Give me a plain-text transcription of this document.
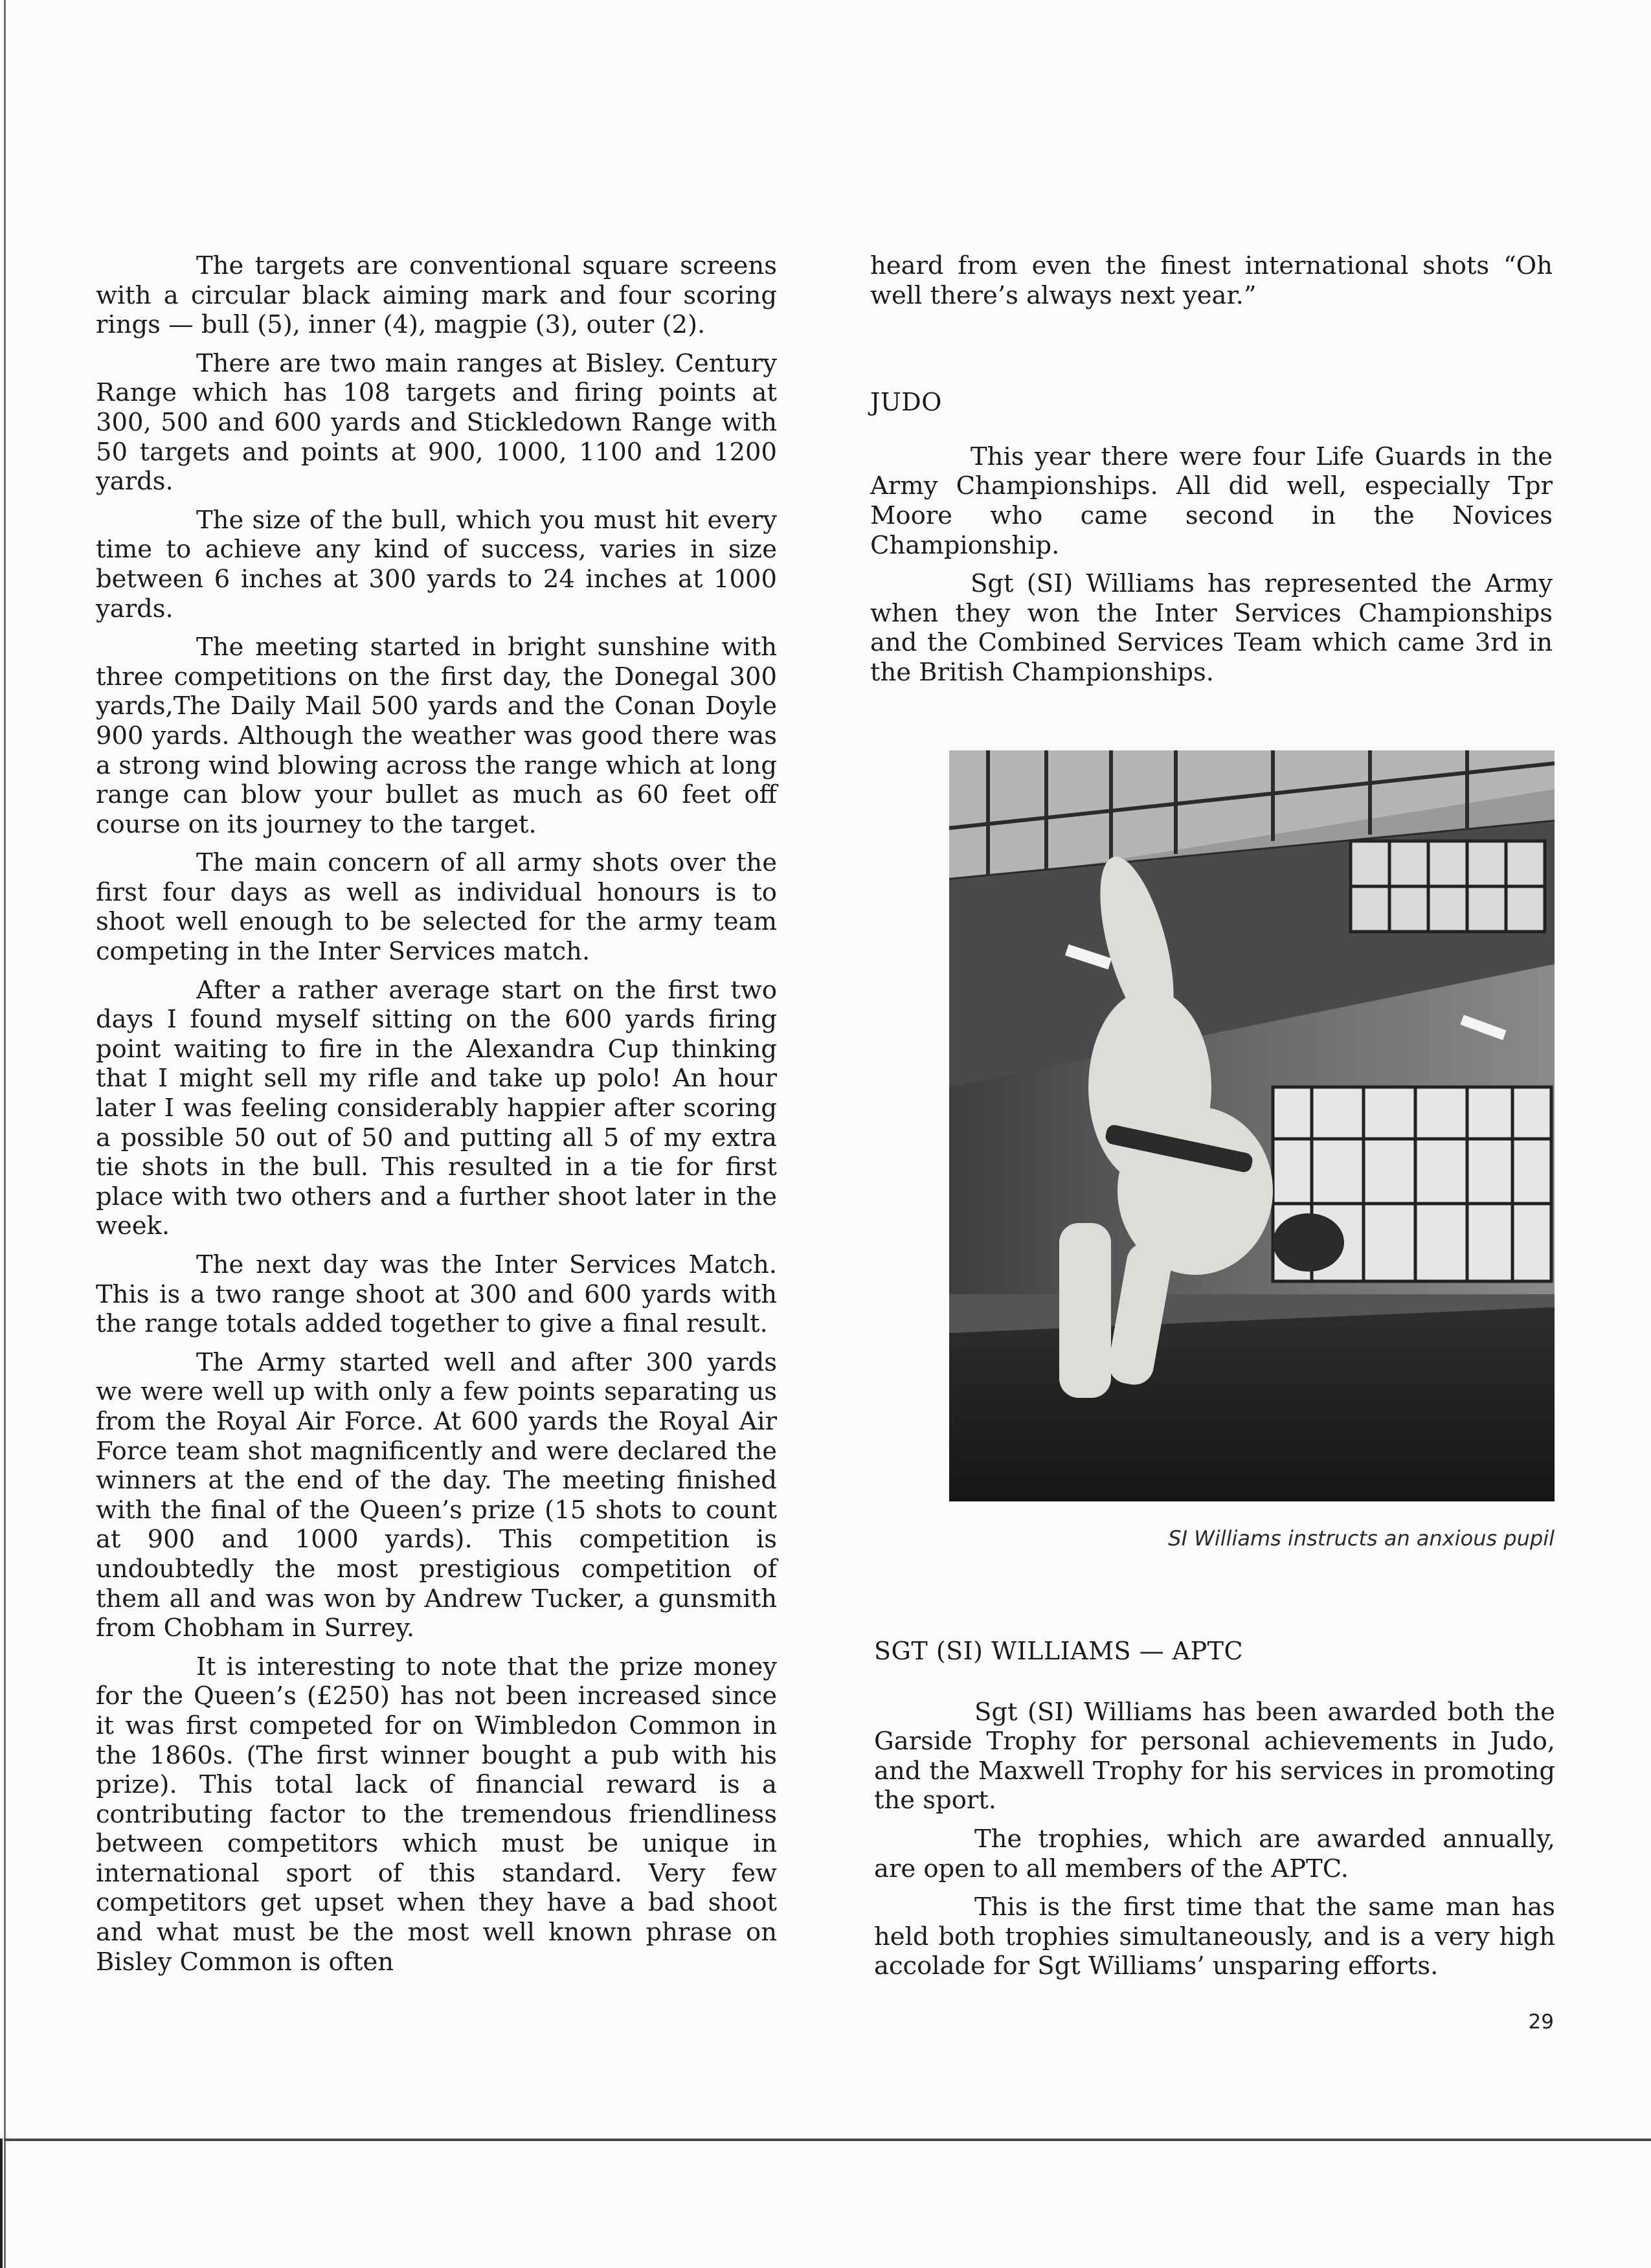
The targets are conventional square screens with a circular black aiming mark and four scoring rings — bull (5), inner (4), magpie (3), outer (2).

There are two main ranges at Bisley. Century Range which has 108 targets and firing points at 300, 500 and 600 yards and Stickledown Range with 50 targets and points at 900, 1000, 1100 and 1200 yards.

The size of the bull, which you must hit every time to achieve any kind of success, varies in size between 6 inches at 300 yards to 24 inches at 1000 yards.

The meeting started in bright sunshine with three competitions on the first day, the Donegal 300 yards,The Daily Mail 500 yards and the Conan Doyle 900 yards. Although the weather was good there was a strong wind blowing across the range which at long range can blow your bullet as much as 60 feet off course on its journey to the target.

The main concern of all army shots over the first four days as well as individual honours is to shoot well enough to be selected for the army team competing in the Inter Services match.

After a rather average start on the first two days I found myself sitting on the 600 yards firing point waiting to fire in the Alexandra Cup thinking that I might sell my rifle and take up polo! An hour later I was feeling considerably happier after scoring a possible 50 out of 50 and putting all 5 of my extra tie shots in the bull. This resulted in a tie for first place with two others and a further shoot later in the week.

The next day was the Inter Services Match. This is a two range shoot at 300 and 600 yards with the range totals added together to give a final result.

The Army started well and after 300 yards we were well up with only a few points separating us from the Royal Air Force. At 600 yards the Royal Air Force team shot magnificently and were declared the winners at the end of the day. The meeting finished with the final of the Queen’s prize (15 shots to count at 900 and 1000 yards). This competition is undoubtedly the most prestigious competition of them all and was won by Andrew Tucker, a gunsmith from Chobham in Surrey.

It is interesting to note that the prize money for the Queen’s (£250) has not been increased since it was first competed for on Wimbledon Common in the 1860s. (The first winner bought a pub with his prize). This total lack of financial reward is a contributing factor to the tremendous friendliness between competitors which must be unique in international sport of this standard. Very few competitors get upset when they have a bad shoot and what must be the most well known phrase on Bisley Common is often

heard from even the finest international shots “Oh well there’s always next year.”

JUDO

This year there were four Life Guards in the Army Championships. All did well, especially Tpr Moore who came second in the Novices Championship.

Sgt (SI) Williams has represented the Army when they won the Inter Services Championships and the Combined Services Team which came 3rd in the British Championships.

SI Williams instructs an anxious pupil
SGT (SI) WILLIAMS — APTC

Sgt (SI) Williams has been awarded both the Garside Trophy for personal achievements in Judo, and the Maxwell Trophy for his services in promoting the sport.

The trophies, which are awarded annually, are open to all members of the APTC.

This is the first time that the same man has held both trophies simultaneously, and is a very high accolade for Sgt Williams’ unsparing efforts.

29
